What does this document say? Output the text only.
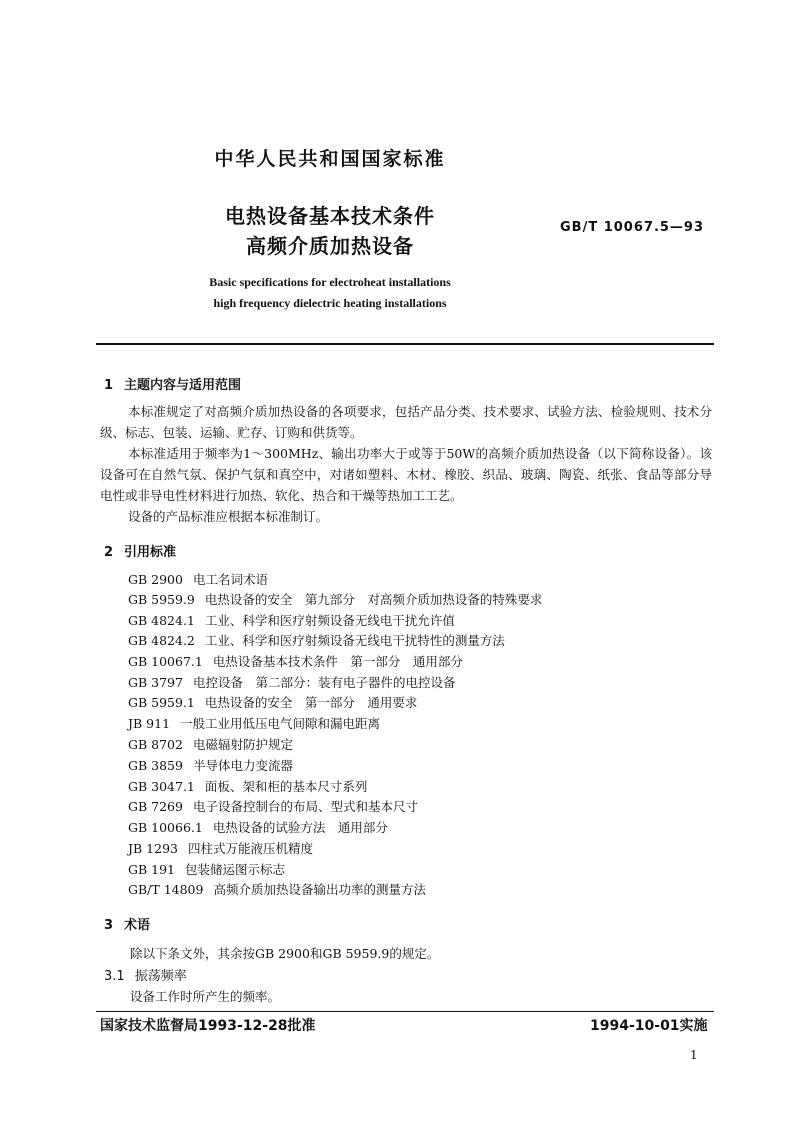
中华人民共和国国家标准
电热设备基本技术条件
高频介质加热设备
GB/T 10067.5—93
Basic specifications for electroheat installations
high frequency dielectric heating installations
1 主题内容与适用范围
本标准规定了对高频介质加热设备的各项要求，包括产品分类、技术要求、试验方法、检验规则、技术分级、标志、包装、运输、贮存、订购和供货等。
本标准适用于频率为1～300MHz、输出功率大于或等于50W的高频介质加热设备（以下简称设备）。该设备可在自然气氛、保护气氛和真空中，对诸如塑料、木材、橡胶、织品、玻璃、陶瓷、纸张、食品等部分导电性或非导电性材料进行加热、软化、热合和干燥等热加工工艺。
设备的产品标准应根据本标准制订。
2 引用标准
GB 2900 电工名词术语
GB 5959.9 电热设备的安全　第九部分　对高频介质加热设备的特殊要求
GB 4824.1 工业、科学和医疗射频设备无线电干扰允许值
GB 4824.2 工业、科学和医疗射频设备无线电干扰特性的测量方法
GB 10067.1 电热设备基本技术条件　第一部分　通用部分
GB 3797 电控设备　第二部分：装有电子器件的电控设备
GB 5959.1 电热设备的安全　第一部分　通用要求
JB 911 一般工业用低压电气间隙和漏电距离
GB 8702 电磁辐射防护规定
GB 3859 半导体电力变流器
GB 3047.1 面板、架和柜的基本尺寸系列
GB 7269 电子设备控制台的布局、型式和基本尺寸
GB 10066.1 电热设备的试验方法　通用部分
JB 1293 四柱式万能液压机精度
GB 191 包装储运图示标志
GB/T 14809 高频介质加热设备输出功率的测量方法
3 术语
除以下条文外，其余按GB 2900和GB 5959.9的规定。
3.1 振荡频率
设备工作时所产生的频率。
国家技术监督局1993-12-28批准	1994-10-01实施
1
